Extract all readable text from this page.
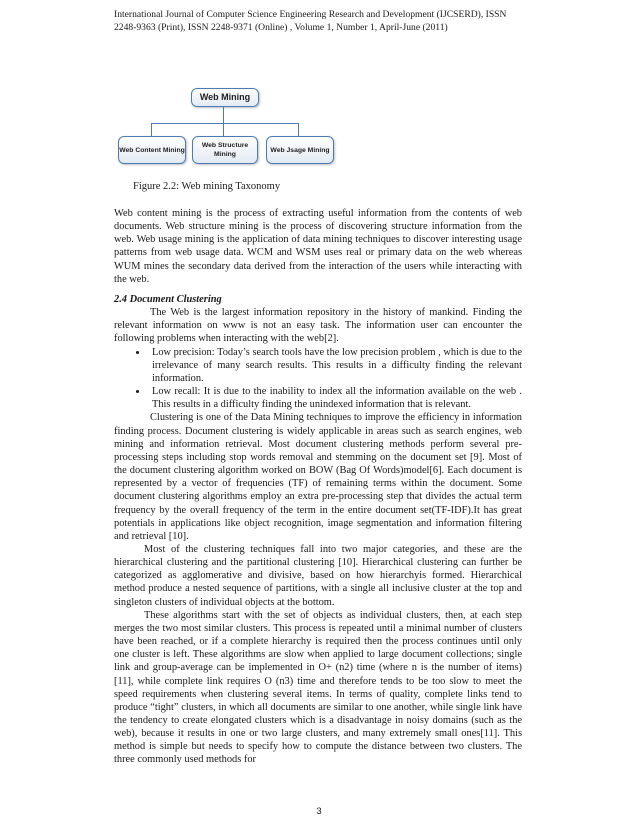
International Journal of Computer Science Engineering Research and Development (IJCSERD), ISSN
2248-9363 (Print), ISSN 2248-9371 (Online) , Volume 1, Number 1, April-June (2011)
Web Mining
Web Content Mining
Web Structure Mining
Web Jsage Mining
Figure 2.2: Web mining Taxonomy

Web content mining is the process of extracting useful information from the contents of web documents. Web structure mining is the process of discovering structure information from the web. Web usage mining is the application of data mining techniques to discover interesting usage patterns from web usage data. WCM and WSM uses real or primary data on the web whereas WUM mines the secondary data derived from the interaction of the users while interacting with the web.

2.4 Document Clustering

The Web is the largest information repository in the history of mankind. Finding the relevant information on www is not an easy task. The information user can encounter the following problems when interacting with the web[2].

• Low precision: Today’s search tools have the low precision problem , which is due to the irrelevance of many search results. This results in a difficulty finding the relevant information.
• Low recall: It is due to the inability to index all the information available on the web . This results in a difficulty finding the unindexed information that is relevant.

Clustering is one of the Data Mining techniques to improve the efficiency in information finding process. Document clustering is widely applicable in areas such as search engines, web mining and information retrieval. Most document clustering methods perform several pre-processing steps including stop words removal and stemming on the document set [9]. Most of the document clustering algorithm worked on BOW (Bag Of Words)model[6]. Each document is represented by a vector of frequencies (TF) of remaining terms within the document. Some document clustering algorithms employ an extra pre-processing step that divides the actual term frequency by the overall frequency of the term in the entire document set(TF-IDF).It has great potentials in applications like object recognition, image segmentation and information filtering and retrieval [10].

Most of the clustering techniques fall into two major categories, and these are the hierarchical clustering and the partitional clustering [10]. Hierarchical clustering can further be categorized as agglomerative and divisive, based on how hierarchyis formed. Hierarchical method produce a nested sequence of partitions, with a single all inclusive cluster at the top and singleton clusters of individual objects at the bottom.

These algorithms start with the set of objects as individual clusters, then, at each step merges the two most similar clusters. This process is repeated until a minimal number of clusters have been reached, or if a complete hierarchy is required then the process continues until only one cluster is left. These algorithms are slow when applied to large document collections; single link and group-average can be implemented in O+ (n2) time (where n is the number of items) [11], while complete link requires O (n3) time and therefore tends to be too slow to meet the speed requirements when clustering several items. In terms of quality, complete links tend to produce “tight” clusters, in which all documents are similar to one another, while single link have the tendency to create elongated clusters which is a disadvantage in noisy domains (such as the web), because it results in one or two large clusters, and many extremely small ones[11]. This method is simple but needs to specify how to compute the distance between two clusters. The three commonly used methods for

3
